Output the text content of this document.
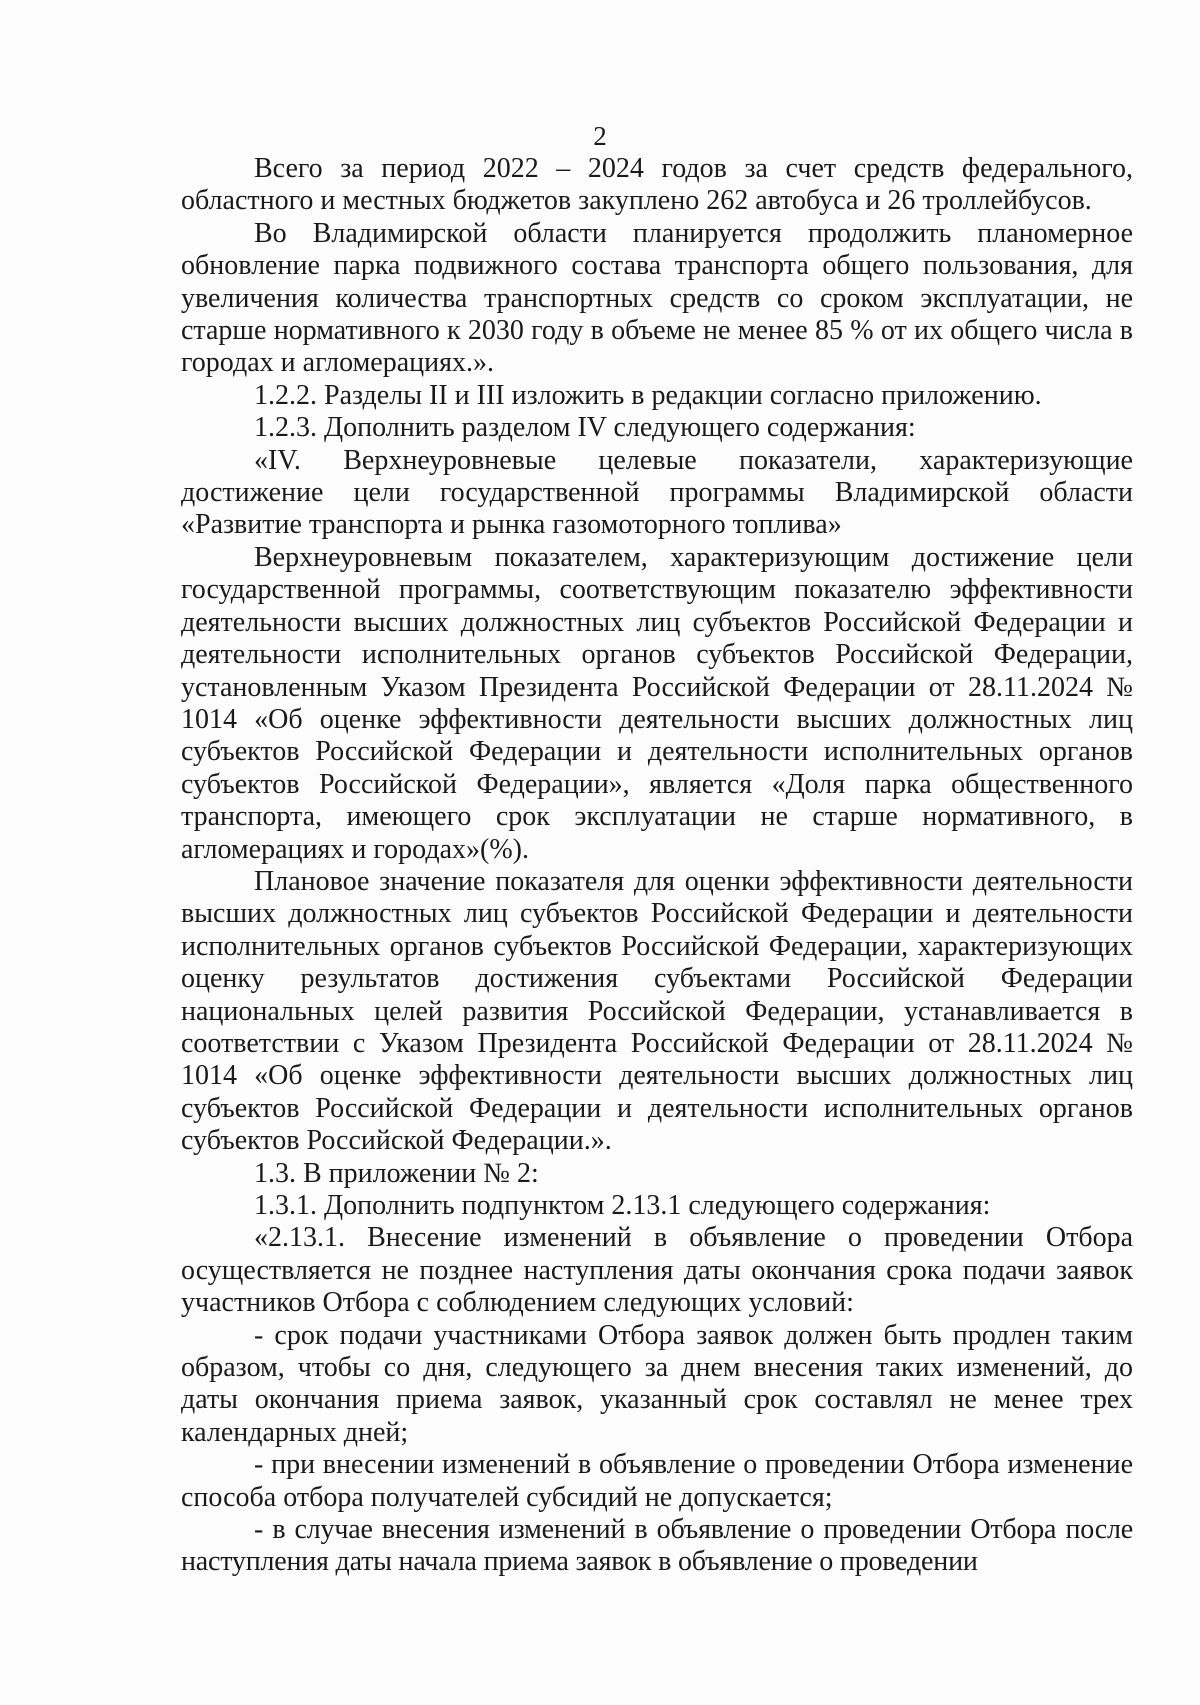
2

Всего за период 2022 – 2024 годов за счет средств федерального, областного и местных бюджетов закуплено 262 автобуса и 26 троллейбусов.

Во Владимирской области планируется продолжить планомерное обновление парка подвижного состава транспорта общего пользования, для увеличения количества транспортных средств со сроком эксплуатации, не старше нормативного к 2030 году в объеме не менее 85 % от их общего числа в городах и агломерациях.».

1.2.2. Разделы II и III изложить в редакции согласно приложению.

1.2.3. Дополнить разделом IV следующего содержания:

«IV. Верхнеуровневые целевые показатели, характеризующие достижение цели государственной программы Владимирской области «Развитие транспорта и рынка газомоторного топлива»

Верхнеуровневым показателем, характеризующим достижение цели государственной программы, соответствующим показателю эффективности деятельности высших должностных лиц субъектов Российской Федерации и деятельности исполнительных органов субъектов Российской Федерации, установленным Указом Президента Российской Федерации от 28.11.2024 № 1014 «Об оценке эффективности деятельности высших должностных лиц субъектов Российской Федерации и деятельности исполнительных органов субъектов Российской Федерации», является «Доля парка общественного транспорта, имеющего срок эксплуатации не старше нормативного, в агломерациях и городах»(%).

Плановое значение показателя для оценки эффективности деятельности высших должностных лиц субъектов Российской Федерации и деятельности исполнительных органов субъектов Российской Федерации, характеризующих оценку результатов достижения субъектами Российской Федерации национальных целей развития Российской Федерации, устанавливается в соответствии с Указом Президента Российской Федерации от 28.11.2024 № 1014 «Об оценке эффективности деятельности высших должностных лиц субъектов Российской Федерации и деятельности исполнительных органов субъектов Российской Федерации.».

1.3. В приложении № 2:

1.3.1. Дополнить подпунктом 2.13.1 следующего содержания:

«2.13.1. Внесение изменений в объявление о проведении Отбора осуществляется не позднее наступления даты окончания срока подачи заявок участников Отбора с соблюдением следующих условий:

- срок подачи участниками Отбора заявок должен быть продлен таким образом, чтобы со дня, следующего за днем внесения таких изменений, до даты окончания приема заявок, указанный срок составлял не менее трех календарных дней;

- при внесении изменений в объявление о проведении Отбора изменение способа отбора получателей субсидий не допускается;

- в случае внесения изменений в объявление о проведении Отбора после наступления даты начала приема заявок в объявление о проведении
